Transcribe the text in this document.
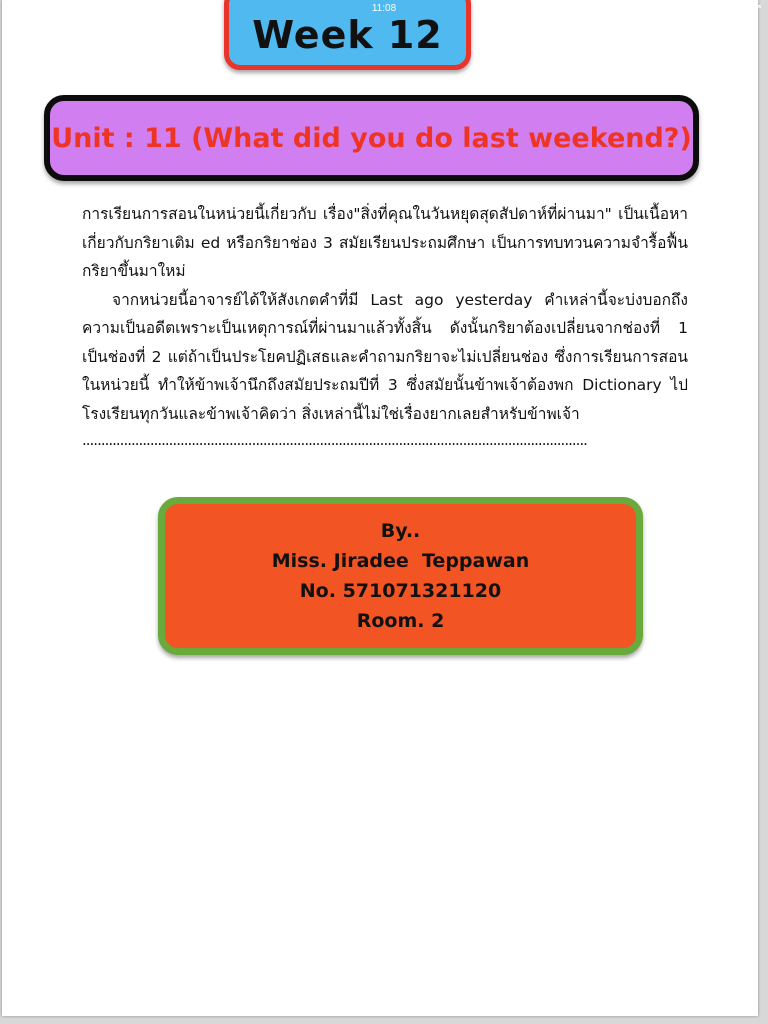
i	11:08	↗
Week 12
Unit : 11 (What did you do last weekend?)

การเรียนการสอนในหน่วยนี้เกี่ยวกับ เรื่อง"สิ่งที่คุณในวันหยุดสุดสัปดาห์ที่ผ่านมา" เป็นเนื้อหาเกี่ยวกับกริยาเติม ed หรือกริยาช่อง 3 สมัยเรียนประถมศึกษา เป็นการทบทวนความจำรื้อฟื้นกริยาขึ้นมาใหม่

จากหน่วยนี้อาจารย์ได้ให้สังเกตคำที่มี Last ago yesterday คำเหล่านี้จะบ่งบอกถึงความเป็นอดีตเพราะเป็นเหตุการณ์ที่ผ่านมาแล้วทั้งสิ้น ดังนั้นกริยาต้องเปลี่ยนจากช่องที่ 1 เป็นช่องที่ 2 แต่ถ้าเป็นประโยคปฏิเสธและคำถามกริยาจะไม่เปลี่ยนช่อง ซึ่งการเรียนการสอนในหน่วยนี้ ทำให้ข้าพเจ้านึกถึงสมัยประถมปีที่ 3 ซึ่งสมัยนั้นข้าพเจ้าต้องพก Dictionary ไปโรงเรียนทุกวันและข้าพเจ้าคิดว่า สิ่งเหล่านี้ไม่ใช่เรื่องยากเลยสำหรับข้าพเจ้า

......................................................................................................................................
By..
Miss. Jiradee  Teppawan
No. 571071321120
Room. 2
